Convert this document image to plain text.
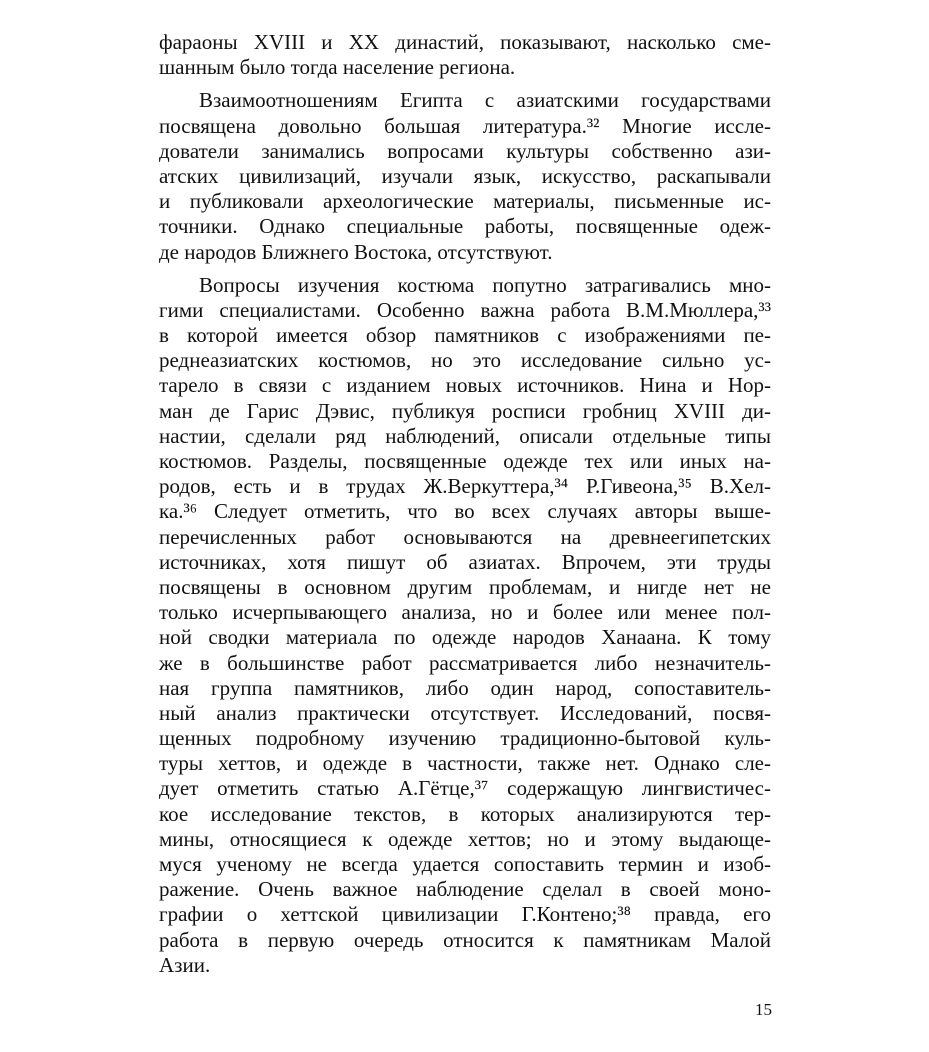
фараоны XVIII и XX династий, показывают, насколько сме-
шанным было тогда население региона.
Взаимоотношениям Египта с азиатскими государствами
посвящена довольно большая литература.³² Многие иссле-
дователи занимались вопросами культуры собственно ази-
атских цивилизаций, изучали язык, искусство, раскапывали
и публиковали археологические материалы, письменные ис-
точники. Однако специальные работы, посвященные одеж-
де народов Ближнего Востока, отсутствуют.
Вопросы изучения костюма попутно затрагивались мно-
гими специалистами. Особенно важна работа В.М.Мюллера,³³
в которой имеется обзор памятников с изображениями пе-
реднеазиатских костюмов, но это исследование сильно ус-
тарело в связи с изданием новых источников. Нина и Нор-
ман де Гарис Дэвис, публикуя росписи гробниц XVIII ди-
настии, сделали ряд наблюдений, описали отдельные типы
костюмов. Разделы, посвященные одежде тех или иных на-
родов, есть и в трудах Ж.Веркуттера,³⁴ Р.Гивеона,³⁵ В.Хел-
ка.³⁶ Следует отметить, что во всех случаях авторы выше-
перечисленных работ основываются на древнеегипетских
источниках, хотя пишут об азиатах. Впрочем, эти труды
посвящены в основном другим проблемам, и нигде нет не
только исчерпывающего анализа, но и более или менее пол-
ной сводки материала по одежде народов Ханаана. К тому
же в большинстве работ рассматривается либо незначитель-
ная группа памятников, либо один народ, сопоставитель-
ный анализ практически отсутствует. Исследований, посвя-
щенных подробному изучению традиционно-бытовой куль-
туры хеттов, и одежде в частности, также нет. Однако сле-
дует отметить статью А.Гётце,³⁷ содержащую лингвистичес-
кое исследование текстов, в которых анализируются тер-
мины, относящиеся к одежде хеттов; но и этому выдающе-
муся ученому не всегда удается сопоставить термин и изоб-
ражение. Очень важное наблюдение сделал в своей моно-
графии о хеттской цивилизации Г.Контено;³⁸ правда, его
работа в первую очередь относится к памятникам Малой
Азии.
15
